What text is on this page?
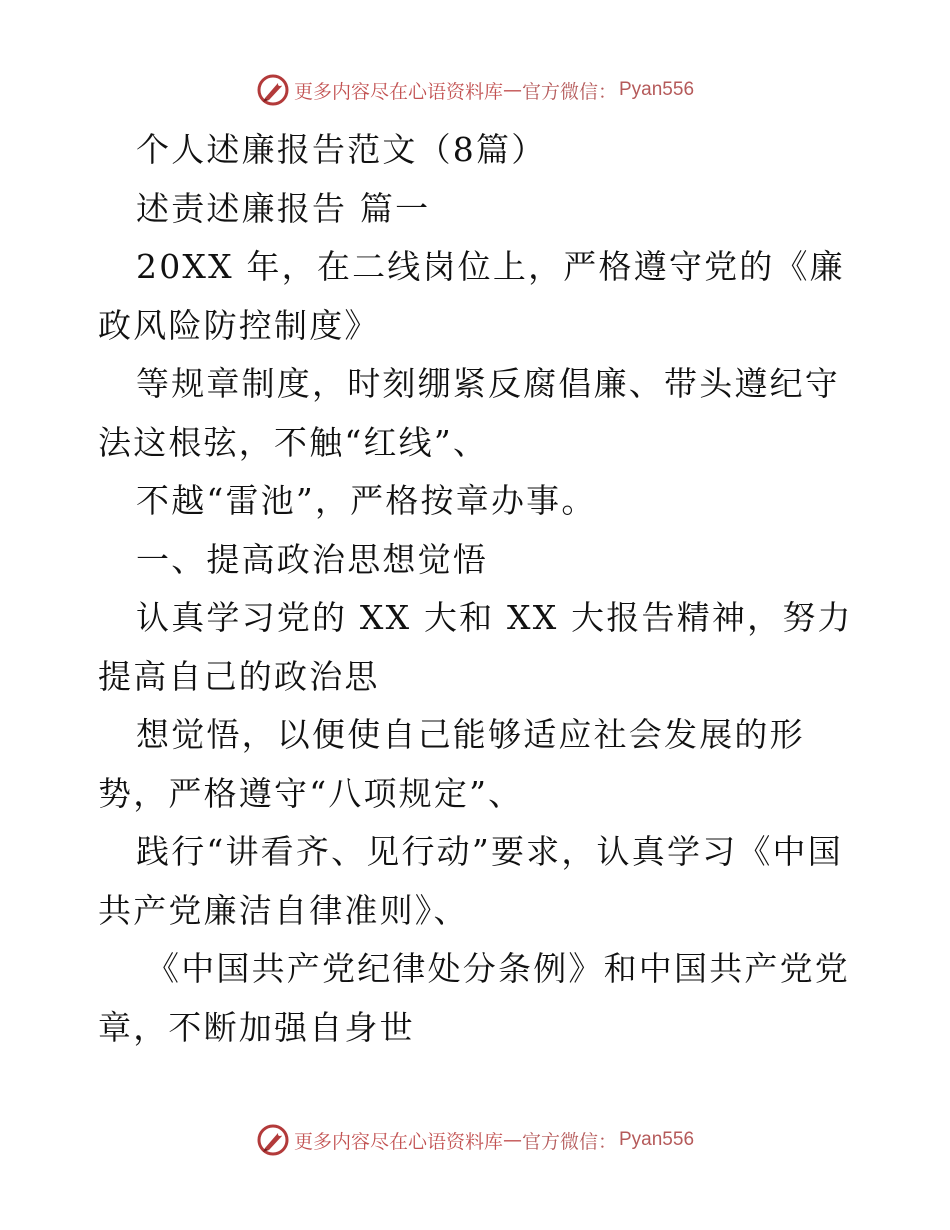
更多内容尽在心语资料库 — 官方微信： Pyan556

个人述廉报告范文（8篇）

述责述廉报告 篇一

20XX 年，在二线岗位上，严格遵守党的《廉政风险防控制度》

等规章制度，时刻绷紧反腐倡廉、带头遵纪守法这根弦，不触“红线”、

不越“雷池”，严格按章办事。

一、提高政治思想觉悟

认真学习党的 XX 大和 XX 大报告精神，努力提高自己的政治思

想觉悟，以便使自己能够适应社会发展的形势，严格遵守“八项规定”、

践行“讲看齐、见行动”要求，认真学习《中国共产党廉洁自律准则》、

《中国共产党纪律处分条例》和中国共产党党章，不断加强自身世

更多内容尽在心语资料库 — 官方微信： Pyan556
